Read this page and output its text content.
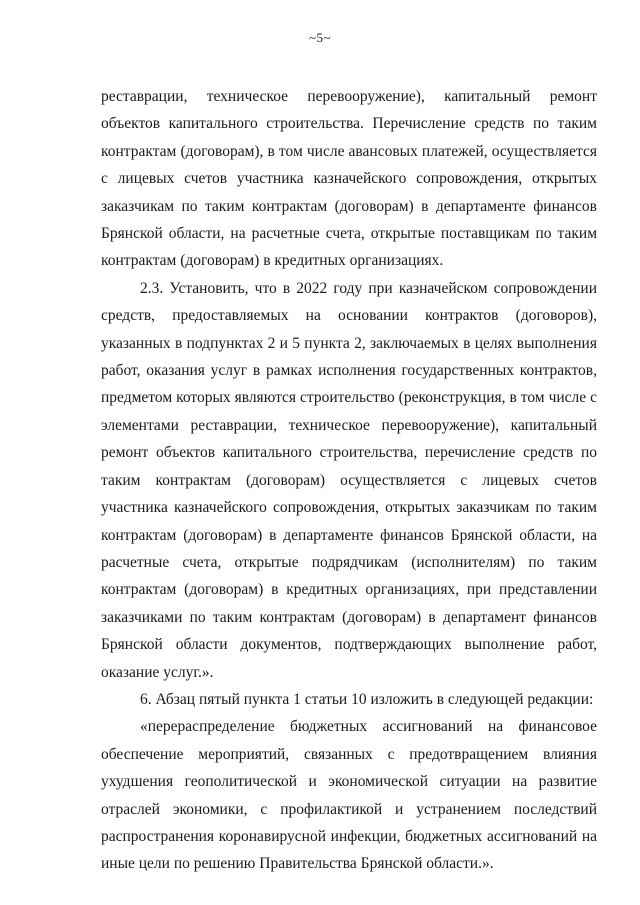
~5~

реставрации, техническое перевооружение), капитальный ремонт объектов капитального строительства. Перечисление средств по таким контрактам (договорам), в том числе авансовых платежей, осуществляется с лицевых счетов участника казначейского сопровождения, открытых заказчикам по таким контрактам (договорам) в департаменте финансов Брянской области, на расчетные счета, открытые поставщикам по таким контрактам (договорам) в кредитных организациях.

2.3. Установить, что в 2022 году при казначейском сопровождении средств, предоставляемых на основании контрактов (договоров), указанных в подпунктах 2 и 5 пункта 2, заключаемых в целях выполнения работ, оказания услуг в рамках исполнения государственных контрактов, предметом которых являются строительство (реконструкция, в том числе с элементами реставрации, техническое перевооружение), капитальный ремонт объектов капитального строительства, перечисление средств по таким контрактам (договорам) осуществляется с лицевых счетов участника казначейского сопровождения, открытых заказчикам по таким контрактам (договорам) в департаменте финансов Брянской области, на расчетные счета, открытые подрядчикам (исполнителям) по таким контрактам (договорам) в кредитных организациях, при представлении заказчиками по таким контрактам (договорам) в департамент финансов Брянской области документов, подтверждающих выполнение работ, оказание услуг.».

6. Абзац пятый пункта 1 статьи 10 изложить в следующей редакции:

«перераспределение бюджетных ассигнований на финансовое обеспечение мероприятий, связанных с предотвращением влияния ухудшения геополитической и экономической ситуации на развитие отраслей экономики, с профилактикой и устранением последствий распространения коронавирусной инфекции, бюджетных ассигнований на иные цели по решению Правительства Брянской области.».
